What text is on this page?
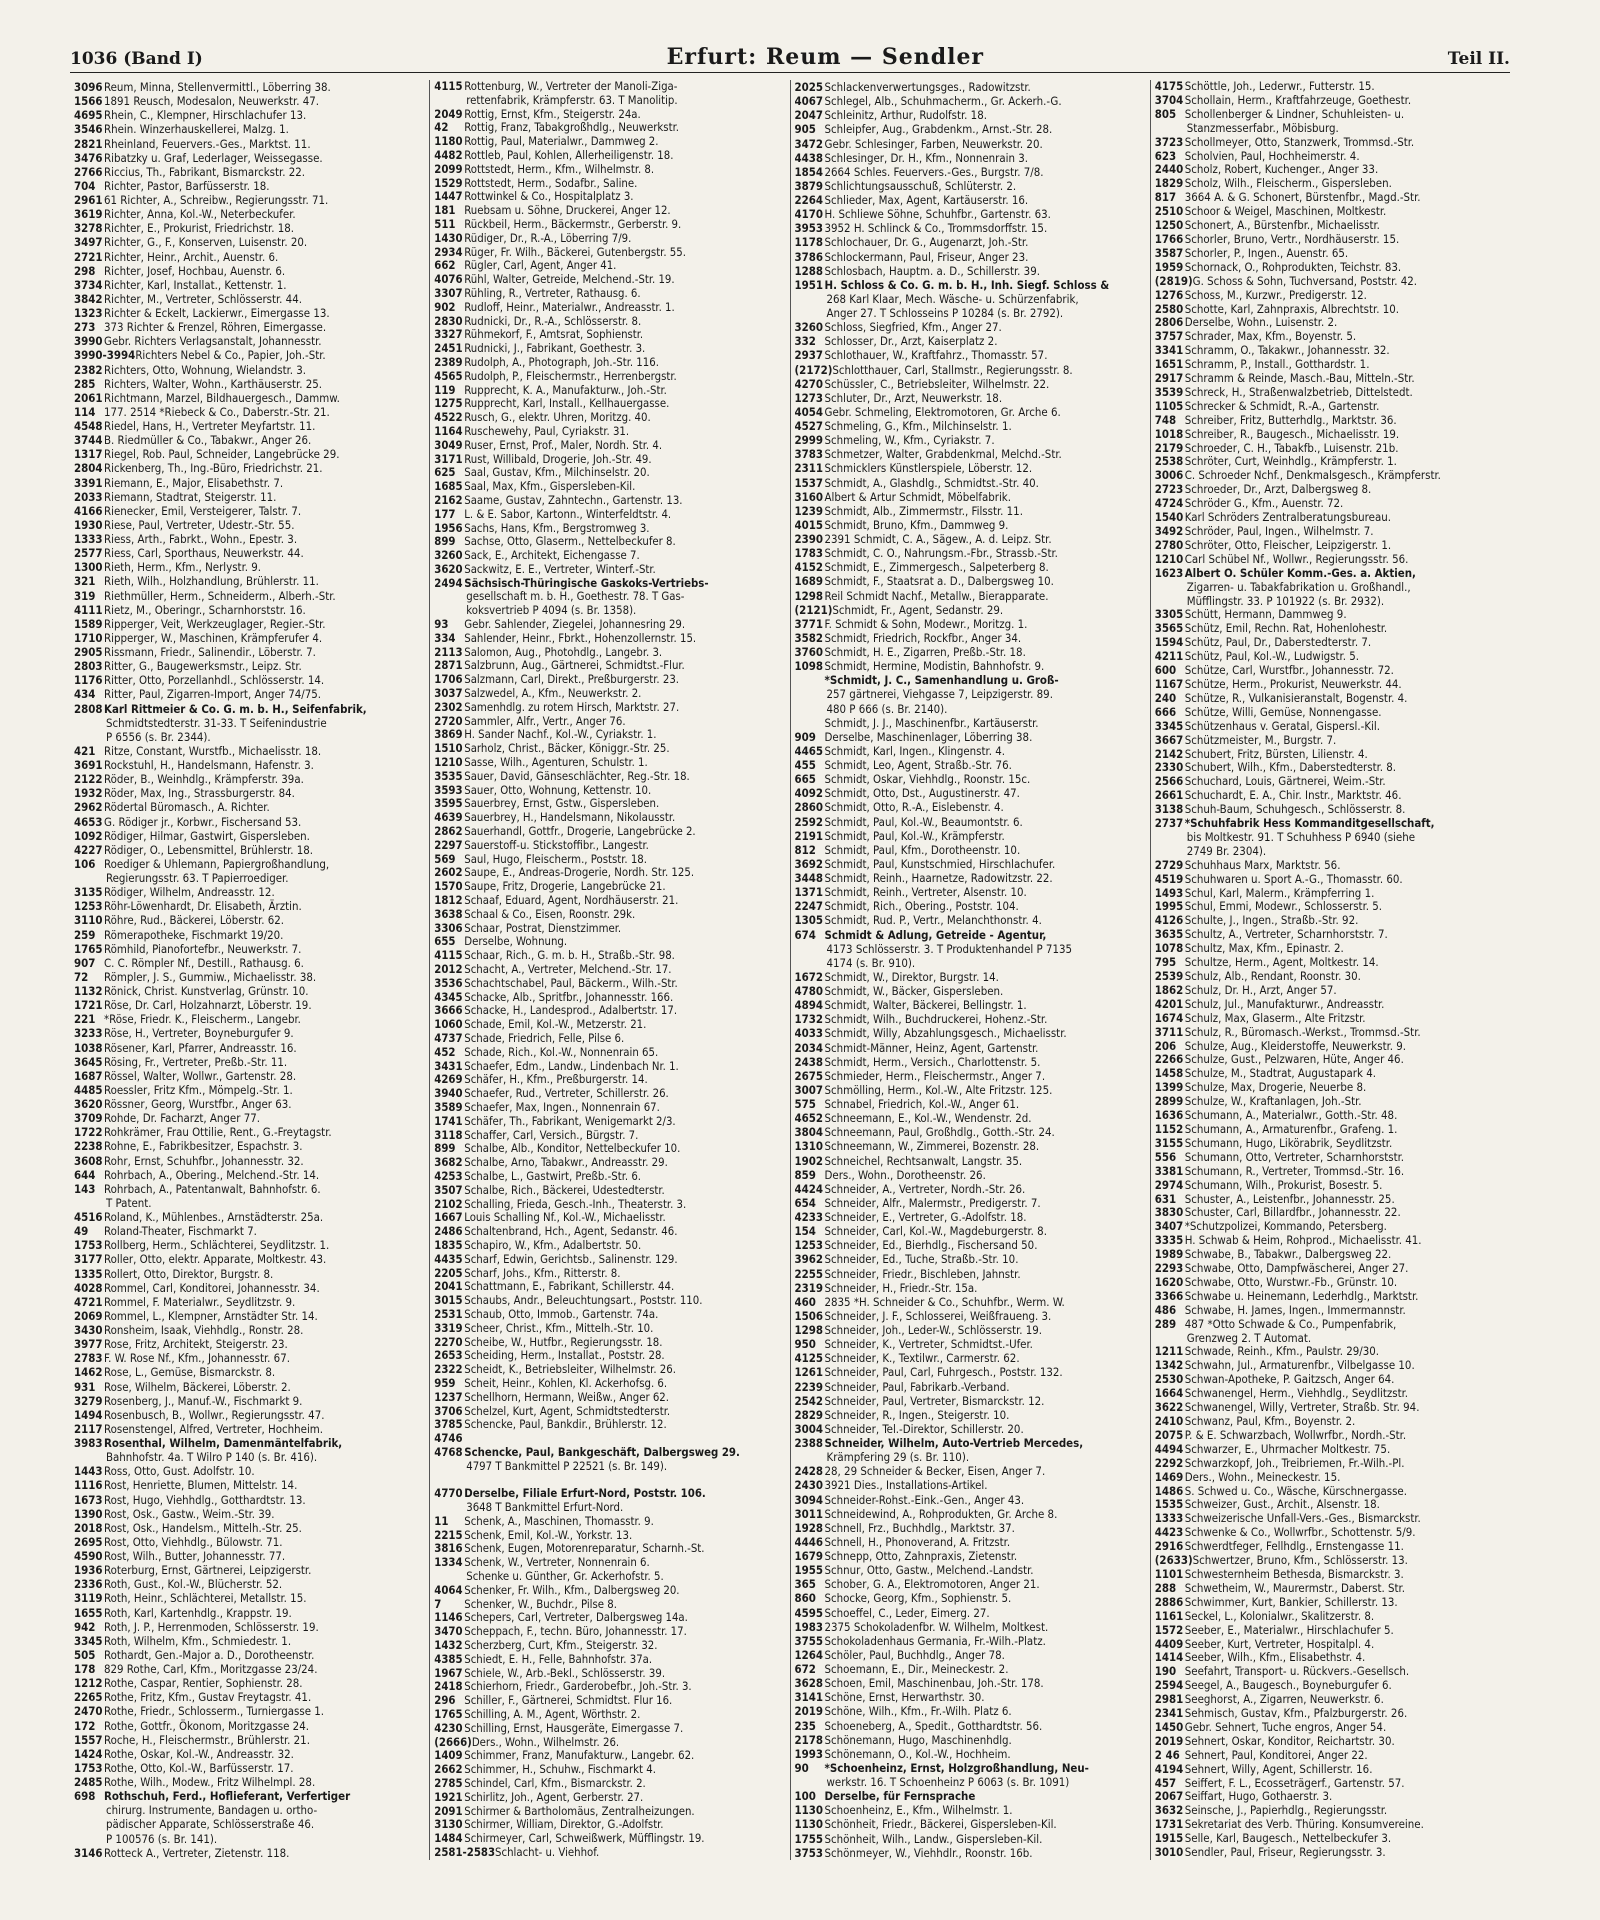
1036 (Band I)	Erfurt: Reum — Sendler	Teil II.
3096Reum, Minna, Stellenvermittl., Löberring 38.
15661891 Reusch, Modesalon, Neuwerkstr. 47.
4695Rhein, C., Klempner, Hirschlachufer 13.
3546Rhein. Winzerhauskellerei, Malzg. 1.
2821Rheinland, Feuervers.-Ges., Marktst. 11.
3476Ribatzky u. Graf, Lederlager, Weissegasse.
2766Riccius, Th., Fabrikant, Bismarckstr. 22.
704 Richter, Pastor, Barfüsserstr. 18.
296161 Richter, A., Schreibw., Regierungsstr. 71.
3619Richter, Anna, Kol.-W., Neterbeckufer.
3278Richter, E., Prokurist, Friedrichstr. 18.
3497Richter, G., F., Konserven, Luisenstr. 20.
2721Richter, Heinr., Archit., Auenstr. 6.
298 Richter, Josef, Hochbau, Auenstr. 6.
3734Richter, Karl, Installat., Kettenstr. 1.
3842Richter, M., Vertreter, Schlösserstr. 44.
1323Richter & Eckelt, Lackierwr., Eimergasse 13.
273 373 Richter & Frenzel, Röhren, Eimergasse.
3990Gebr. Richters Verlagsanstalt, Johannesstr.
3990-3994Richters Nebel & Co., Papier, Joh.-Str.
2382Richters, Otto, Wohnung, Wielandstr. 3.
285 Richters, Walter, Wohn., Karthäuserstr. 25.
2061Richtmann, Marzel, Bildhauergesch., Dammw.
114 177. 2514 *Riebeck & Co., Daberstr.-Str. 21.
4548Riedel, Hans, H., Vertreter Meyfartstr. 11.
3744B. Riedmüller & Co., Tabakwr., Anger 26.
1317Riegel, Rob. Paul, Schneider, Langebrücke 29.
2804Rickenberg, Th., Ing.-Büro, Friedrichstr. 21.
3391Riemann, E., Major, Elisabethstr. 7.
2033Riemann, Stadtrat, Steigerstr. 11.
4166Rienecker, Emil, Versteigerer, Talstr. 7.
1930Riese, Paul, Vertreter, Udestr.-Str. 55.
1333Riess, Arth., Fabrkt., Wohn., Epestr. 3.
2577Riess, Carl, Sporthaus, Neuwerkstr. 44.
1300Rieth, Herm., Kfm., Nerlystr. 9.
321 Rieth, Wilh., Holzhandlung, Brühlerstr. 11.
319 Riethmüller, Herm., Schneiderm., Alberh.-Str.
4111Rietz, M., Oberingr., Scharnhorststr. 16.
1589Ripperger, Veit, Werkzeuglager, Regier.-Str.
1710Ripperger, W., Maschinen, Krämpferufer 4.
2905Rissmann, Friedr., Salinendir., Löberstr. 7.
2803Ritter, G., Baugewerksmstr., Leipz. Str.
1176Ritter, Otto, Porzellanhdl., Schlösserstr. 14.
434 Ritter, Paul, Zigarren-Import, Anger 74/75.
2808Karl Rittmeier & Co. G. m. b. H., Seifenfabrik,
Schmidtstedterstr. 31-33. T Seifenindustrie
P 6556 (s. Br. 2344).
421 Ritze, Constant, Wurstfb., Michaelisstr. 18.
3691Rockstuhl, H., Handelsmann, Hafenstr. 3.
2122Röder, B., Weinhdlg., Krämpferstr. 39a.
1932Röder, Max, Ing., Strassburgerstr. 84.
2962Rödertal Büromasch., A. Richter.
4653G. Rödiger jr., Korbwr., Fischersand 53.
1092Rödiger, Hilmar, Gastwirt, Gispersleben.
4227Rödiger, O., Lebensmittel, Brühlerstr. 18.
106 Roediger & Uhlemann, Papiergroßhandlung,
Regierungsstr. 63. T Papierroediger.
3135Rödiger, Wilhelm, Andreasstr. 12.
1253Röhr-Löwenhardt, Dr. Elisabeth, Ärztin.
3110Röhre, Rud., Bäckerei, Löberstr. 62.
259 Römerapotheke, Fischmarkt 19/20.
1765Römhild, Pianofortefbr., Neuwerkstr. 7.
907 C. C. Römpler Nf., Destill., Rathausg. 6.
72 Römpler, J. S., Gummiw., Michaelisstr. 38.
1132Rönick, Christ. Kunstverlag, Grünstr. 10.
1721Röse, Dr. Carl, Holzahnarzt, Löberstr. 19.
221 *Röse, Friedr. K., Fleischerm., Langebr.
3233Röse, H., Vertreter, Boyneburgufer 9.
1038Rösener, Karl, Pfarrer, Andreasstr. 16.
3645Rösing, Fr., Vertreter, Preßb.-Str. 11.
1687Rössel, Walter, Wollwr., Gartenstr. 28.
4485Roessler, Fritz Kfm., Mömpelg.-Str. 1.
3620Rössner, Georg, Wurstfbr., Anger 63.
3709Rohde, Dr. Facharzt, Anger 77.
1722Rohkrämer, Frau Ottilie, Rent., G.-Freytagstr.
2238Rohne, E., Fabrikbesitzer, Espachstr. 3.
3608Rohr, Ernst, Schuhfbr., Johannesstr. 32.
644 Rohrbach, A., Obering., Melchend.-Str. 14.
143 Rohrbach, A., Patentanwalt, Bahnhofstr. 6.
T Patent.
4516Roland, K., Mühlenbes., Arnstädterstr. 25a.
49 Roland-Theater, Fischmarkt 7.
1753Rollberg, Herm., Schlächterei, Seydlitzstr. 1.
3177Roller, Otto, elektr. Apparate, Moltkestr. 43.
1335Rollert, Otto, Direktor, Burgstr. 8.
4028Rommel, Carl, Konditorei, Johannesstr. 34.
4721Rommel, F. Materialwr., Seydlitzstr. 9.
2069Rommel, L., Klempner, Arnstädter Str. 14.
3430Ronsheim, Isaak, Viehhdlg., Ronstr. 28.
3977Rose, Fritz, Architekt, Steigerstr. 23.
2783F. W. Rose Nf., Kfm., Johannesstr. 67.
1462Rose, L., Gemüse, Bismarckstr. 8.
931 Rose, Wilhelm, Bäckerei, Löberstr. 2.
3279Rosenberg, J., Manuf.-W., Fischmarkt 9.
1494Rosenbusch, B., Wollwr., Regierungsstr. 47.
2117Rosenstengel, Alfred, Vertreter, Hochheim.
3983Rosenthal, Wilhelm, Damenmäntelfabrik,
Bahnhofstr. 4a. T Wilro P 140 (s. Br. 416).
1443Ross, Otto, Gust. Adolfstr. 10.
1116Rost, Henriette, Blumen, Mittelstr. 14.
1673Rost, Hugo, Viehhdlg., Gotthardtstr. 13.
1390Rost, Osk., Gastw., Weim.-Str. 39.
2018Rost, Osk., Handelsm., Mittelh.-Str. 25.
2695Rost, Otto, Viehhdlg., Bülowstr. 71.
4590Rost, Wilh., Butter, Johannesstr. 77.
1936Roterburg, Ernst, Gärtnerei, Leipzigerstr.
2336Roth, Gust., Kol.-W., Blücherstr. 52.
3119Roth, Heinr., Schlächterei, Metallstr. 15.
1655Roth, Karl, Kartenhdlg., Krappstr. 19.
942 Roth, J. P., Herrenmoden, Schlösserstr. 19.
3345Roth, Wilhelm, Kfm., Schmiedestr. 1.
505 Rothardt, Gen.-Major a. D., Dorotheenstr.
178 829 Rothe, Carl, Kfm., Moritzgasse 23/24.
1212Rothe, Caspar, Rentier, Sophienstr. 28.
2265Rothe, Fritz, Kfm., Gustav Freytagstr. 41.
2470Rothe, Friedr., Schlosserm., Turniergasse 1.
172 Rothe, Gottfr., Ökonom, Moritzgasse 24.
1557Roche, H., Fleischermstr., Brühlerstr. 21.
1424Rothe, Oskar, Kol.-W., Andreasstr. 32.
1753Rothe, Otto, Kol.-W., Barfüsserstr. 17.
2485Rothe, Wilh., Modew., Fritz Wilhelmpl. 28.
698 Rothschuh, Ferd., Hoflieferant, Verfertiger
chirurg. Instrumente, Bandagen u. ortho-
pädischer Apparate, Schlösserstraße 46.
P 100576 (s. Br. 141).
3146Rotteck A., Vertreter, Zietenstr. 118.
4115 Rottenburg, W., Vertreter der Manoli-Ziga-
rettenfabrik, Krämpferstr. 63. T Manolitip.
2049 Rottig, Ernst, Kfm., Steigerstr. 24a.
42 Rottig, Franz, Tabakgroßhdlg., Neuwerkstr.
1180 Rottig, Paul, Materialwr., Dammweg 2.
4482 Rottleb, Paul, Kohlen, Allerheiligenstr. 18.
2099 Rottstedt, Herm., Kfm., Wilhelmstr. 8.
1529 Rottstedt, Herm., Sodafbr., Saline.
1447 Rottwinkel & Co., Hospitalplatz 3.
181 Ruebsam u. Söhne, Druckerei, Anger 12.
511 Rückbeil, Herm., Bäckermstr., Gerberstr. 9.
1430 Rüdiger, Dr., R.-A., Löberring 7/9.
2934 Rüger, Fr. Wilh., Bäckerei, Gutenbergstr. 55.
662 Rügler, Carl, Agent, Anger 41.
4076 Rühl, Walter, Getreide, Melchend.-Str. 19.
3307 Rühling, R., Vertreter, Rathausg. 6.
902 Rudloff, Heinr., Materialwr., Andreasstr. 1.
2830 Rudnicki, Dr., R.-A., Schlösserstr. 8.
3327 Rühmekorf, F., Amtsrat, Sophienstr.
2451 Rudnicki, J., Fabrikant, Goethestr. 3.
2389 Rudolph, A., Photograph, Joh.-Str. 116.
4565 Rudolph, P., Fleischermstr., Herrenbergstr.
119 Rupprecht, K. A., Manufakturw., Joh.-Str.
1275 Rupprecht, Karl, Install., Kellhauergasse.
4522 Rusch, G., elektr. Uhren, Moritzg. 40.
1164 Ruschewehy, Paul, Cyriakstr. 31.
3049 Ruser, Ernst, Prof., Maler, Nordh. Str. 4.
3171 Rust, Willibald, Drogerie, Joh.-Str. 49.
625 Saal, Gustav, Kfm., Milchinselstr. 20.
1685 Saal, Max, Kfm., Gispersleben-Kil.
2162 Saame, Gustav, Zahntechn., Gartenstr. 13.
177 L. & E. Sabor, Kartonn., Winterfeldtstr. 4.
1956 Sachs, Hans, Kfm., Bergstromweg 3.
899 Sachse, Otto, Glaserm., Nettelbeckufer 8.
3260 Sack, E., Architekt, Eichengasse 7.
3620 Sackwitz, E. E., Vertreter, Winterf.-Str.
2494 Sächsisch-Thüringische Gaskoks-Vertriebs-
gesellschaft m. b. H., Goethestr. 78. T Gas-
koksvertrieb P 4094 (s. Br. 1358).
93 Gebr. Sahlender, Ziegelei, Johannesring 29.
334 Sahlender, Heinr., Fbrkt., Hohenzollernstr. 15.
2113 Salomon, Aug., Photohdlg., Langebr. 3.
2871 Salzbrunn, Aug., Gärtnerei, Schmidtst.-Flur.
1706 Salzmann, Carl, Direkt., Preßburgerstr. 23.
3037 Salzwedel, A., Kfm., Neuwerkstr. 2.
2302 Samenhdlg. zu rotem Hirsch, Marktstr. 27.
2720 Sammler, Alfr., Vertr., Anger 76.
3869 H. Sander Nachf., Kol.-W., Cyriakstr. 1.
1510 Sarholz, Christ., Bäcker, Königgr.-Str. 25.
1210 Sasse, Wilh., Agenturen, Schulstr. 1.
3535 Sauer, David, Gänseschlächter, Reg.-Str. 18.
3593 Sauer, Otto, Wohnung, Kettenstr. 10.
3595 Sauerbrey, Ernst, Gstw., Gispersleben.
4639 Sauerbrey, H., Handelsmann, Nikolausstr.
2862 Sauerhandl, Gottfr., Drogerie, Langebrücke 2.
2297 Sauerstoff-u. Stickstoffibr., Langestr.
569 Saul, Hugo, Fleischerm., Poststr. 18.
2602 Saupe, E., Andreas-Drogerie, Nordh. Str. 125.
1570 Saupe, Fritz, Drogerie, Langebrücke 21.
1812 Schaaf, Eduard, Agent, Nordhäuserstr. 21.
3638 Schaal & Co., Eisen, Roonstr. 29k.
3306 Schaar, Postrat, Dienstzimmer.
655 Derselbe, Wohnung.
4115 Schaar, Rich., G. m. b. H., Straßb.-Str. 98.
2012 Schacht, A., Vertreter, Melchend.-Str. 17.
3536 Schachtschabel, Paul, Bäckerm., Wilh.-Str.
4345 Schacke, Alb., Spritfbr., Johannesstr. 166.
3666 Schacke, H., Landesprod., Adalbertstr. 17.
1060 Schade, Emil, Kol.-W., Metzerstr. 21.
4737 Schade, Friedrich, Felle, Pilse 6.
452 Schade, Rich., Kol.-W., Nonnenrain 65.
3431 Schaefer, Edm., Landw., Lindenbach Nr. 1.
4269 Schäfer, H., Kfm., Preßburgerstr. 14.
3940 Schaefer, Rud., Vertreter, Schillerstr. 26.
3589 Schaefer, Max, Ingen., Nonnenrain 67.
1741 Schäfer, Th., Fabrikant, Wenigemarkt 2/3.
3118 Schaffer, Carl, Versich., Bürgstr. 7.
899 Schalbe, Alb., Konditor, Nettelbeckufer 10.
3682 Schalbe, Arno, Tabakwr., Andreasstr. 29.
4253 Schalbe, L., Gastwirt, Preßb.-Str. 6.
3507 Schalbe, Rich., Bäckerei, Udestedterstr.
2102 Schalling, Frieda, Gesch.-Inh., Theaterstr. 3.
1667 Louis Schalling Nf., Kol.-W., Michaelisstr.
2486 Schaltenbrand, Hch., Agent, Sedanstr. 46.
1835 Schapiro, W., Kfm., Adalbertstr. 50.
4435 Scharf, Edwin, Gerichtsb., Salinenstr. 129.
2205 Scharf, Johs., Kfm., Ritterstr. 8.
2041 Schattmann, E., Fabrikant, Schillerstr. 44.
3015 Schaubs, Andr., Beleuchtungsart., Poststr. 110.
2531 Schaub, Otto, Immob., Gartenstr. 74a.
3319 Scheer, Christ., Kfm., Mittelh.-Str. 10.
2270 Scheibe, W., Hutfbr., Regierungsstr. 18.
2653 Scheiding, Herm., Installat., Poststr. 28.
2322 Scheidt, K., Betriebsleiter, Wilhelmstr. 26.
959 Scheit, Heinr., Kohlen, Kl. Ackerhofsg. 6.
1237 Schellhorn, Hermann, Weißw., Anger 62.
3706 Schelzel, Kurt, Agent, Schmidtstedterstr.
3785 Schencke, Paul, Bankdir., Brühlerstr. 12.
4746
4768 Schencke, Paul, Bankgeschäft, Dalbergsweg 29.
4797 T Bankmittel P 22521 (s. Br. 149).
4770 Derselbe, Filiale Erfurt-Nord, Poststr. 106.
3648 T Bankmittel Erfurt-Nord.
11 Schenk, A., Maschinen, Thomasstr. 9.
2215 Schenk, Emil, Kol.-W., Yorkstr. 13.
3816 Schenk, Eugen, Motorenreparatur, Scharnh.-St.
1334 Schenk, W., Vertreter, Nonnenrain 6.
Schenke u. Günther, Gr. Ackerhofstr. 5.
4064 Schenker, Fr. Wilh., Kfm., Dalbergsweg 20.
7 Schenker, W., Buchdr., Pilse 8.
1146 Schepers, Carl, Vertreter, Dalbergsweg 14a.
3470 Scheppach, F., techn. Büro, Johannesstr. 17.
1432 Scherzberg, Curt, Kfm., Steigerstr. 32.
4385 Schiedt, E. H., Felle, Bahnhofstr. 37a.
1967 Schiele, W., Arb.-Bekl., Schlösserstr. 39.
2418 Schierhorn, Friedr., Garderobefbr., Joh.-Str. 3.
296 Schiller, F., Gärtnerei, Schmidtst. Flur 16.
1765 Schilling, A. M., Agent, Wörthstr. 2.
4230 Schilling, Ernst, Hausgeräte, Eimergasse 7.
(2666)Ders., Wohn., Wilhelmstr. 26.
1409 Schimmer, Franz, Manufakturw., Langebr. 62.
2662 Schimmer, H., Schuhw., Fischmarkt 4.
2785 Schindel, Carl, Kfm., Bismarckstr. 2.
1921 Schirlitz, Joh., Agent, Gerberstr. 27.
2091 Schirmer & Bartholomäus, Zentralheizungen.
3130 Schirmer, William, Direktor, G.-Adolfstr.
1484 Schirmeyer, Carl, Schweißwerk, Müfflingstr. 19.
2581-2583Schlacht- u. Viehhof.
2025Schlackenverwertungsges., Radowitzstr.
4067Schlegel, Alb., Schuhmacherm., Gr. Ackerh.-G.
2047Schleinitz, Arthur, Rudolfstr. 18.
905 Schleipfer, Aug., Grabdenkm., Arnst.-Str. 28.
3472Gebr. Schlesinger, Farben, Neuwerkstr. 20.
4438Schlesinger, Dr. H., Kfm., Nonnenrain 3.
18542664 Schles. Feuervers.-Ges., Burgstr. 7/8.
3879Schlichtungsausschuß, Schlüterstr. 2.
2264Schlieder, Max, Agent, Kartäuserstr. 16.
4170H. Schliewe Söhne, Schuhfbr., Gartenstr. 63.
39533952 H. Schlinck & Co., Trommsdorffstr. 15.
1178Schlochauer, Dr. G., Augenarzt, Joh.-Str.
3786Schlockermann, Paul, Friseur, Anger 23.
1288Schlosbach, Hauptm. a. D., Schillerstr. 39.
1951H. Schloss & Co. G. m. b. H., Inh. Siegf. Schloss &
268 Karl Klaar, Mech. Wäsche- u. Schürzenfabrik,
Anger 27. T Schlosseins P 10284 (s. Br. 2792).
3260Schloss, Siegfried, Kfm., Anger 27.
332 Schlosser, Dr., Arzt, Kaiserplatz 2.
2937Schlothauer, W., Kraftfahrz., Thomasstr. 57.
(2172)Schlotthauer, Carl, Stallmstr., Regierungsstr. 8.
4270Schüssler, C., Betriebsleiter, Wilhelmstr. 22.
1273Schluter, Dr., Arzt, Neuwerkstr. 18.
4054Gebr. Schmeling, Elektromotoren, Gr. Arche 6.
4527Schmeling, G., Kfm., Milchinselstr. 1.
2999Schmeling, W., Kfm., Cyriakstr. 7.
3783Schmetzer, Walter, Grabdenkmal, Melchd.-Str.
2311Schmicklers Künstlerspiele, Löberstr. 12.
1537Schmidt, A., Glashdlg., Schmidtst.-Str. 40.
3160Albert & Artur Schmidt, Möbelfabrik.
1239Schmidt, Alb., Zimmermstr., Filsstr. 11.
4015Schmidt, Bruno, Kfm., Dammweg 9.
23902391 Schmidt, C. A., Sägew., A. d. Leipz. Str.
1783Schmidt, C. O., Nahrungsm.-Fbr., Strassb.-Str.
4152Schmidt, E., Zimmergesch., Salpeterberg 8.
1689Schmidt, F., Staatsrat a. D., Dalbergsweg 10.
1298Reil Schmidt Nachf., Metallw., Bierapparate.
(2121)Schmidt, Fr., Agent, Sedanstr. 29.
3771F. Schmidt & Sohn, Modewr., Moritzg. 1.
3582Schmidt, Friedrich, Rockfbr., Anger 34.
3760Schmidt, H. E., Zigarren, Preßb.-Str. 18.
1098Schmidt, Hermine, Modistin, Bahnhofstr. 9.
*Schmidt, J. C., Samenhandlung u. Groß-
257 gärtnerei, Viehgasse 7, Leipzigerstr. 89.
480 P 666 (s. Br. 2140).
Schmidt, J. J., Maschinenfbr., Kartäuserstr.
909 Derselbe, Maschinenlager, Löberring 38.
4465Schmidt, Karl, Ingen., Klingenstr. 4.
455 Schmidt, Leo, Agent, Straßb.-Str. 76.
665 Schmidt, Oskar, Viehhdlg., Roonstr. 15c.
4092Schmidt, Otto, Dst., Augustinerstr. 47.
2860Schmidt, Otto, R.-A., Eislebenstr. 4.
2592Schmidt, Paul, Kol.-W., Beaumontstr. 6.
2191Schmidt, Paul, Kol.-W., Krämpferstr.
812 Schmidt, Paul, Kfm., Dorotheenstr. 10.
3692Schmidt, Paul, Kunstschmied, Hirschlachufer.
3448Schmidt, Reinh., Haarnetze, Radowitzstr. 22.
1371Schmidt, Reinh., Vertreter, Alsenstr. 10.
2247Schmidt, Rich., Obering., Poststr. 104.
1305Schmidt, Rud. P., Vertr., Melanchthonstr. 4.
674 Schmidt & Adlung, Getreide - Agentur,
4173 Schlösserstr. 3. T Produktenhandel P 7135
4174 (s. Br. 910).
1672Schmidt, W., Direktor, Burgstr. 14.
4780Schmidt, W., Bäcker, Gispersleben.
4894Schmidt, Walter, Bäckerei, Bellingstr. 1.
1732Schmidt, Wilh., Buchdruckerei, Hohenz.-Str.
4033Schmidt, Willy, Abzahlungsgesch., Michaelisstr.
2034Schmidt-Männer, Heinz, Agent, Gartenstr.
2438Schmidt, Herm., Versich., Charlottenstr. 5.
2675Schmieder, Herm., Fleischermstr., Anger 7.
3007Schmölling, Herm., Kol.-W., Alte Fritzstr. 125.
575 Schnabel, Friedrich, Kol.-W., Anger 61.
4652Schneemann, E., Kol.-W., Wendenstr. 2d.
3804Schneemann, Paul, Großhdlg., Gotth.-Str. 24.
1310Schneemann, W., Zimmerei, Bozenstr. 28.
1902Schneichel, Rechtsanwalt, Langstr. 35.
859 Ders., Wohn., Dorotheenstr. 26.
4424Schneider, A., Vertreter, Nordh.-Str. 26.
654 Schneider, Alfr., Malermstr., Predigerstr. 7.
4233Schneider, E., Vertreter, G.-Adolfstr. 18.
154 Schneider, Carl, Kol.-W., Magdeburgerstr. 8.
1253Schneider, Ed., Bierhdlg., Fischersand 50.
3962Schneider, Ed., Tuche, Straßb.-Str. 10.
2255Schneider, Friedr., Bischleben, Jahnstr.
2319Schneider, H., Friedr.-Str. 15a.
460 2835 *H. Schneider & Co., Schuhfbr., Werm. W.
1506Schneider, J. F., Schlosserei, Weißfraueng. 3.
1298Schneider, Joh., Leder-W., Schlösserstr. 19.
950 Schneider, K., Vertreter, Schmidtst.-Ufer.
4125Schneider, K., Textilwr., Carmerstr. 62.
1261Schneider, Paul, Carl, Fuhrgesch., Poststr. 132.
2239Schneider, Paul, Fabrikarb.-Verband.
2542Schneider, Paul, Vertreter, Bismarckstr. 12.
2829Schneider, R., Ingen., Steigerstr. 10.
3004Schneider, Tel.-Direktor, Schillerstr. 20.
2388Schneider, Wilhelm, Auto-Vertrieb Mercedes,
Krämpfering 29 (s. Br. 110).
242828, 29 Schneider & Becker, Eisen, Anger 7.
24303921 Dies., Installations-Artikel.
3094Schneider-Rohst.-Eink.-Gen., Anger 43.
3011Schneidewind, A., Rohprodukten, Gr. Arche 8.
1928Schnell, Frz., Buchhdlg., Marktstr. 37.
4446Schnell, H., Phonoverand, A. Fritzstr.
1679Schnepp, Otto, Zahnpraxis, Zietenstr.
1955Schnur, Otto, Gastw., Melchend.-Landstr.
365 Schober, G. A., Elektromotoren, Anger 21.
860 Schocke, Georg, Kfm., Sophienstr. 5.
4595Schoeffel, C., Leder, Eimerg. 27.
19832375 Schokoladenfbr. W. Wilhelm, Moltkest.
3755Schokoladenhaus Germania, Fr.-Wilh.-Platz.
1264Schöler, Paul, Buchhdlg., Anger 78.
672 Schoemann, E., Dir., Meineckestr. 2.
3628Schoen, Emil, Maschinenbau, Joh.-Str. 178.
3141Schöne, Ernst, Herwarthstr. 30.
2019Schöne, Wilh., Kfm., Fr.-Wilh. Platz 6.
235 Schoeneberg, A., Spedit., Gotthardtstr. 56.
2178Schönemann, Hugo, Maschinenhdlg.
1993Schönemann, O., Kol.-W., Hochheim.
90 *Schoenheinz, Ernst, Holzgroßhandlung, Neu-
werkstr. 16. T Schoenheinz P 6063 (s. Br. 1091)
100 Derselbe, für Fernsprache
1130Schoenheinz, E., Kfm., Wilhelmstr. 1.
1130Schönheit, Friedr., Bäckerei, Gispersleben-Kil.
1755Schönheit, Wilh., Landw., Gispersleben-Kil.
3753Schönmeyer, W., Viehhdlr., Roonstr. 16b.
4175Schöttle, Joh., Lederwr., Futterstr. 15.
3704Schollain, Herm., Kraftfahrzeuge, Goethestr.
805 Schollenberger & Lindner, Schuhleisten- u.
Stanzmesserfabr., Möbisburg.
3723Schollmeyer, Otto, Stanzwerk, Trommsd.-Str.
623 Scholvien, Paul, Hochheimerstr. 4.
2440Scholz, Robert, Kuchenger., Anger 33.
1829Scholz, Wilh., Fleischerm., Gispersleben.
817 3664 A. & G. Schonert, Bürstenfbr., Magd.-Str.
2510Schoor & Weigel, Maschinen, Moltkestr.
1250Schonert, A., Bürstenfbr., Michaelisstr.
1766Schorler, Bruno, Vertr., Nordhäuserstr. 15.
3587Schorler, P., Ingen., Auenstr. 65.
1959Schornack, O., Rohprodukten, Teichstr. 83.
(2819)G. Schoss & Sohn, Tuchversand, Poststr. 42.
1276Schoss, M., Kurzwr., Predigerstr. 12.
2580Schotte, Karl, Zahnpraxis, Albrechtstr. 10.
2806Derselbe, Wohn., Luisenstr. 2.
3757Schrader, Max, Kfm., Boyenstr. 5.
3341Schramm, O., Takakwr., Johannesstr. 32.
1651Schramm, P., Install., Gotthardstr. 1.
2917Schramm & Reinde, Masch.-Bau, Mitteln.-Str.
3539Schreck, H., Straßenwalzbetrieb, Dittelstedt.
1105Schrecker & Schmidt, R.-A., Gartenstr.
748 Schreiber, Fritz, Butterhdlg., Marktstr. 36.
1018Schreiber, R., Baugesch., Michaelisstr. 19.
2179Schroeder, C. H., Tabakfb., Luisenstr. 21b.
2538Schröter, Curt, Weinhdlg., Krämpferstr. 1.
3006C. Schroeder Nchf., Denkmalsgesch., Krämpferstr.
2723Schroeder, Dr., Arzt, Dalbergsweg 8.
4724Schröder G., Kfm., Auenstr. 72.
1540Karl Schröders Zentralberatungsbureau.
3492Schröder, Paul, Ingen., Wilhelmstr. 7.
2780Schröter, Otto, Fleischer, Leipzigerstr. 1.
1210Carl Schübel Nf., Wollwr., Regierungsstr. 56.
1623Albert O. Schüler Komm.-Ges. a. Aktien,
Zigarren- u. Tabakfabrikation u. Großhandl.,
Müfflingstr. 33. P 101922 (s. Br. 2932).
3305Schütt, Hermann, Dammweg 9.
3565Schütz, Emil, Rechn. Rat, Hohenlohestr.
1594Schütz, Paul, Dr., Daberstedterstr. 7.
4211Schütz, Paul, Kol.-W., Ludwigstr. 5.
600 Schütze, Carl, Wurstfbr., Johannesstr. 72.
1167Schütze, Herm., Prokurist, Neuwerkstr. 44.
240 Schütze, R., Vulkanisieranstalt, Bogenstr. 4.
666 Schütze, Willi, Gemüse, Nonnengasse.
3345Schützenhaus v. Geratal, Gispersl.-Kil.
3667Schützmeister, M., Burgstr. 7.
2142Schubert, Fritz, Bürsten, Lilienstr. 4.
2330Schubert, Wilh., Kfm., Daberstedterstr. 8.
2566Schuchard, Louis, Gärtnerei, Weim.-Str.
2661Schuchardt, E. A., Chir. Instr., Marktstr. 46.
3138Schuh-Baum, Schuhgesch., Schlösserstr. 8.
2737*Schuhfabrik Hess Kommanditgesellschaft,
bis Moltkestr. 91. T Schuhhess P 6940 (siehe
2749 Br. 2304).
2729Schuhhaus Marx, Marktstr. 56.
4519Schuhwaren u. Sport A.-G., Thomasstr. 60.
1493Schul, Karl, Malerm., Krämpferring 1.
1995Schul, Emmi, Modewr., Schlosserstr. 5.
4126Schulte, J., Ingen., Straßb.-Str. 92.
3635Schultz, A., Vertreter, Scharnhorststr. 7.
1078Schultz, Max, Kfm., Epinastr. 2.
795 Schultze, Herm., Agent, Moltkestr. 14.
2539Schulz, Alb., Rendant, Roonstr. 30.
1862Schulz, Dr. H., Arzt, Anger 57.
4201Schulz, Jul., Manufakturwr., Andreasstr.
1674Schulz, Max, Glaserm., Alte Fritzstr.
3711Schulz, R., Büromasch.-Werkst., Trommsd.-Str.
206 Schulze, Aug., Kleiderstoffe, Neuwerkstr. 9.
2266Schulze, Gust., Pelzwaren, Hüte, Anger 46.
1458Schulze, M., Stadtrat, Augustapark 4.
1399Schulze, Max, Drogerie, Neuerbe 8.
2899Schulze, W., Kraftanlagen, Joh.-Str.
1636Schumann, A., Materialwr., Gotth.-Str. 48.
1152Schumann, A., Armaturenfbr., Grafeng. 1.
3155Schumann, Hugo, Likörabrik, Seydlitzstr.
556 Schumann, Otto, Vertreter, Scharnhorststr.
3381Schumann, R., Vertreter, Trommsd.-Str. 16.
2974Schumann, Wilh., Prokurist, Bosestr. 5.
631 Schuster, A., Leistenfbr., Johannesstr. 25.
3830Schuster, Carl, Billardfbr., Johannesstr. 22.
3407*Schutzpolizei, Kommando, Petersberg.
3335H. Schwab & Heim, Rohprod., Michaelisstr. 41.
1989Schwabe, B., Tabakwr., Dalbergsweg 22.
2293Schwabe, Otto, Dampfwäscherei, Anger 27.
1620Schwabe, Otto, Wurstwr.-Fb., Grünstr. 10.
3366Schwabe u. Heinemann, Lederhdlg., Marktstr.
486 Schwabe, H. James, Ingen., Immermannstr.
289 487 *Otto Schwade & Co., Pumpenfabrik,
Grenzweg 2. T Automat.
1211Schwade, Reinh., Kfm., Paulstr. 29/30.
1342Schwahn, Jul., Armaturenfbr., Vilbelgasse 10.
2530Schwan-Apotheke, P. Gaitzsch, Anger 64.
1664Schwanengel, Herm., Viehhdlg., Seydlitzstr.
3622Schwanengel, Willy, Vertreter, Straßb. Str. 94.
2410Schwanz, Paul, Kfm., Boyenstr. 2.
2075P. & E. Schwarzbach, Wollwrfbr., Nordh.-Str.
4494Schwarzer, E., Uhrmacher Moltkestr. 75.
2292Schwarzkopf, Joh., Treibriemen, Fr.-Wilh.-Pl.
1469Ders., Wohn., Meineckestr. 15.
1486S. Schwed u. Co., Wäsche, Kürschnergasse.
1535Schweizer, Gust., Archit., Alsenstr. 18.
1333Schweizerische Unfall-Vers.-Ges., Bismarckstr.
4423Schwenke & Co., Wollwrfbr., Schottenstr. 5/9.
2916Schwerdtfeger, Fellhdlg., Ernstengasse 11.
(2633)Schwertzer, Bruno, Kfm., Schlösserstr. 13.
1101Schwesternheim Bethesda, Bismarckstr. 3.
288 Schwetheim, W., Maurermstr., Daberst. Str.
2886Schwimmer, Kurt, Bankier, Schillerstr. 13.
1161Seckel, L., Kolonialwr., Skalitzerstr. 8.
1572Seeber, E., Materialwr., Hirschlachufer 5.
4409Seeber, Kurt, Vertreter, Hospitalpl. 4.
1414Seeber, Wilh., Kfm., Elisabethstr. 4.
190 Seefahrt, Transport- u. Rückvers.-Gesellsch.
2594Seegel, A., Baugesch., Boyneburgufer 6.
2981Seeghorst, A., Zigarren, Neuwerkstr. 6.
2341Sehmisch, Gustav, Kfm., Pfalzburgerstr. 26.
1450Gebr. Sehnert, Tuche engros, Anger 54.
2019Sehnert, Oskar, Konditor, Reichartstr. 30.
2 46 Sehnert, Paul, Konditorei, Anger 22.
4194Sehnert, Willy, Agent, Schillerstr. 16.
457 Seiffert, F. L., Ecosseträgerf., Gartenstr. 57.
2067Seiffart, Hugo, Gothaerstr. 3.
3632Seinsche, J., Papierhdlg., Regierungsstr.
1731Sekretariat des Verb. Thüring. Konsumvereine.
1915Selle, Karl, Baugesch., Nettelbeckufer 3.
3010Sendler, Paul, Friseur, Regierungsstr. 3.
